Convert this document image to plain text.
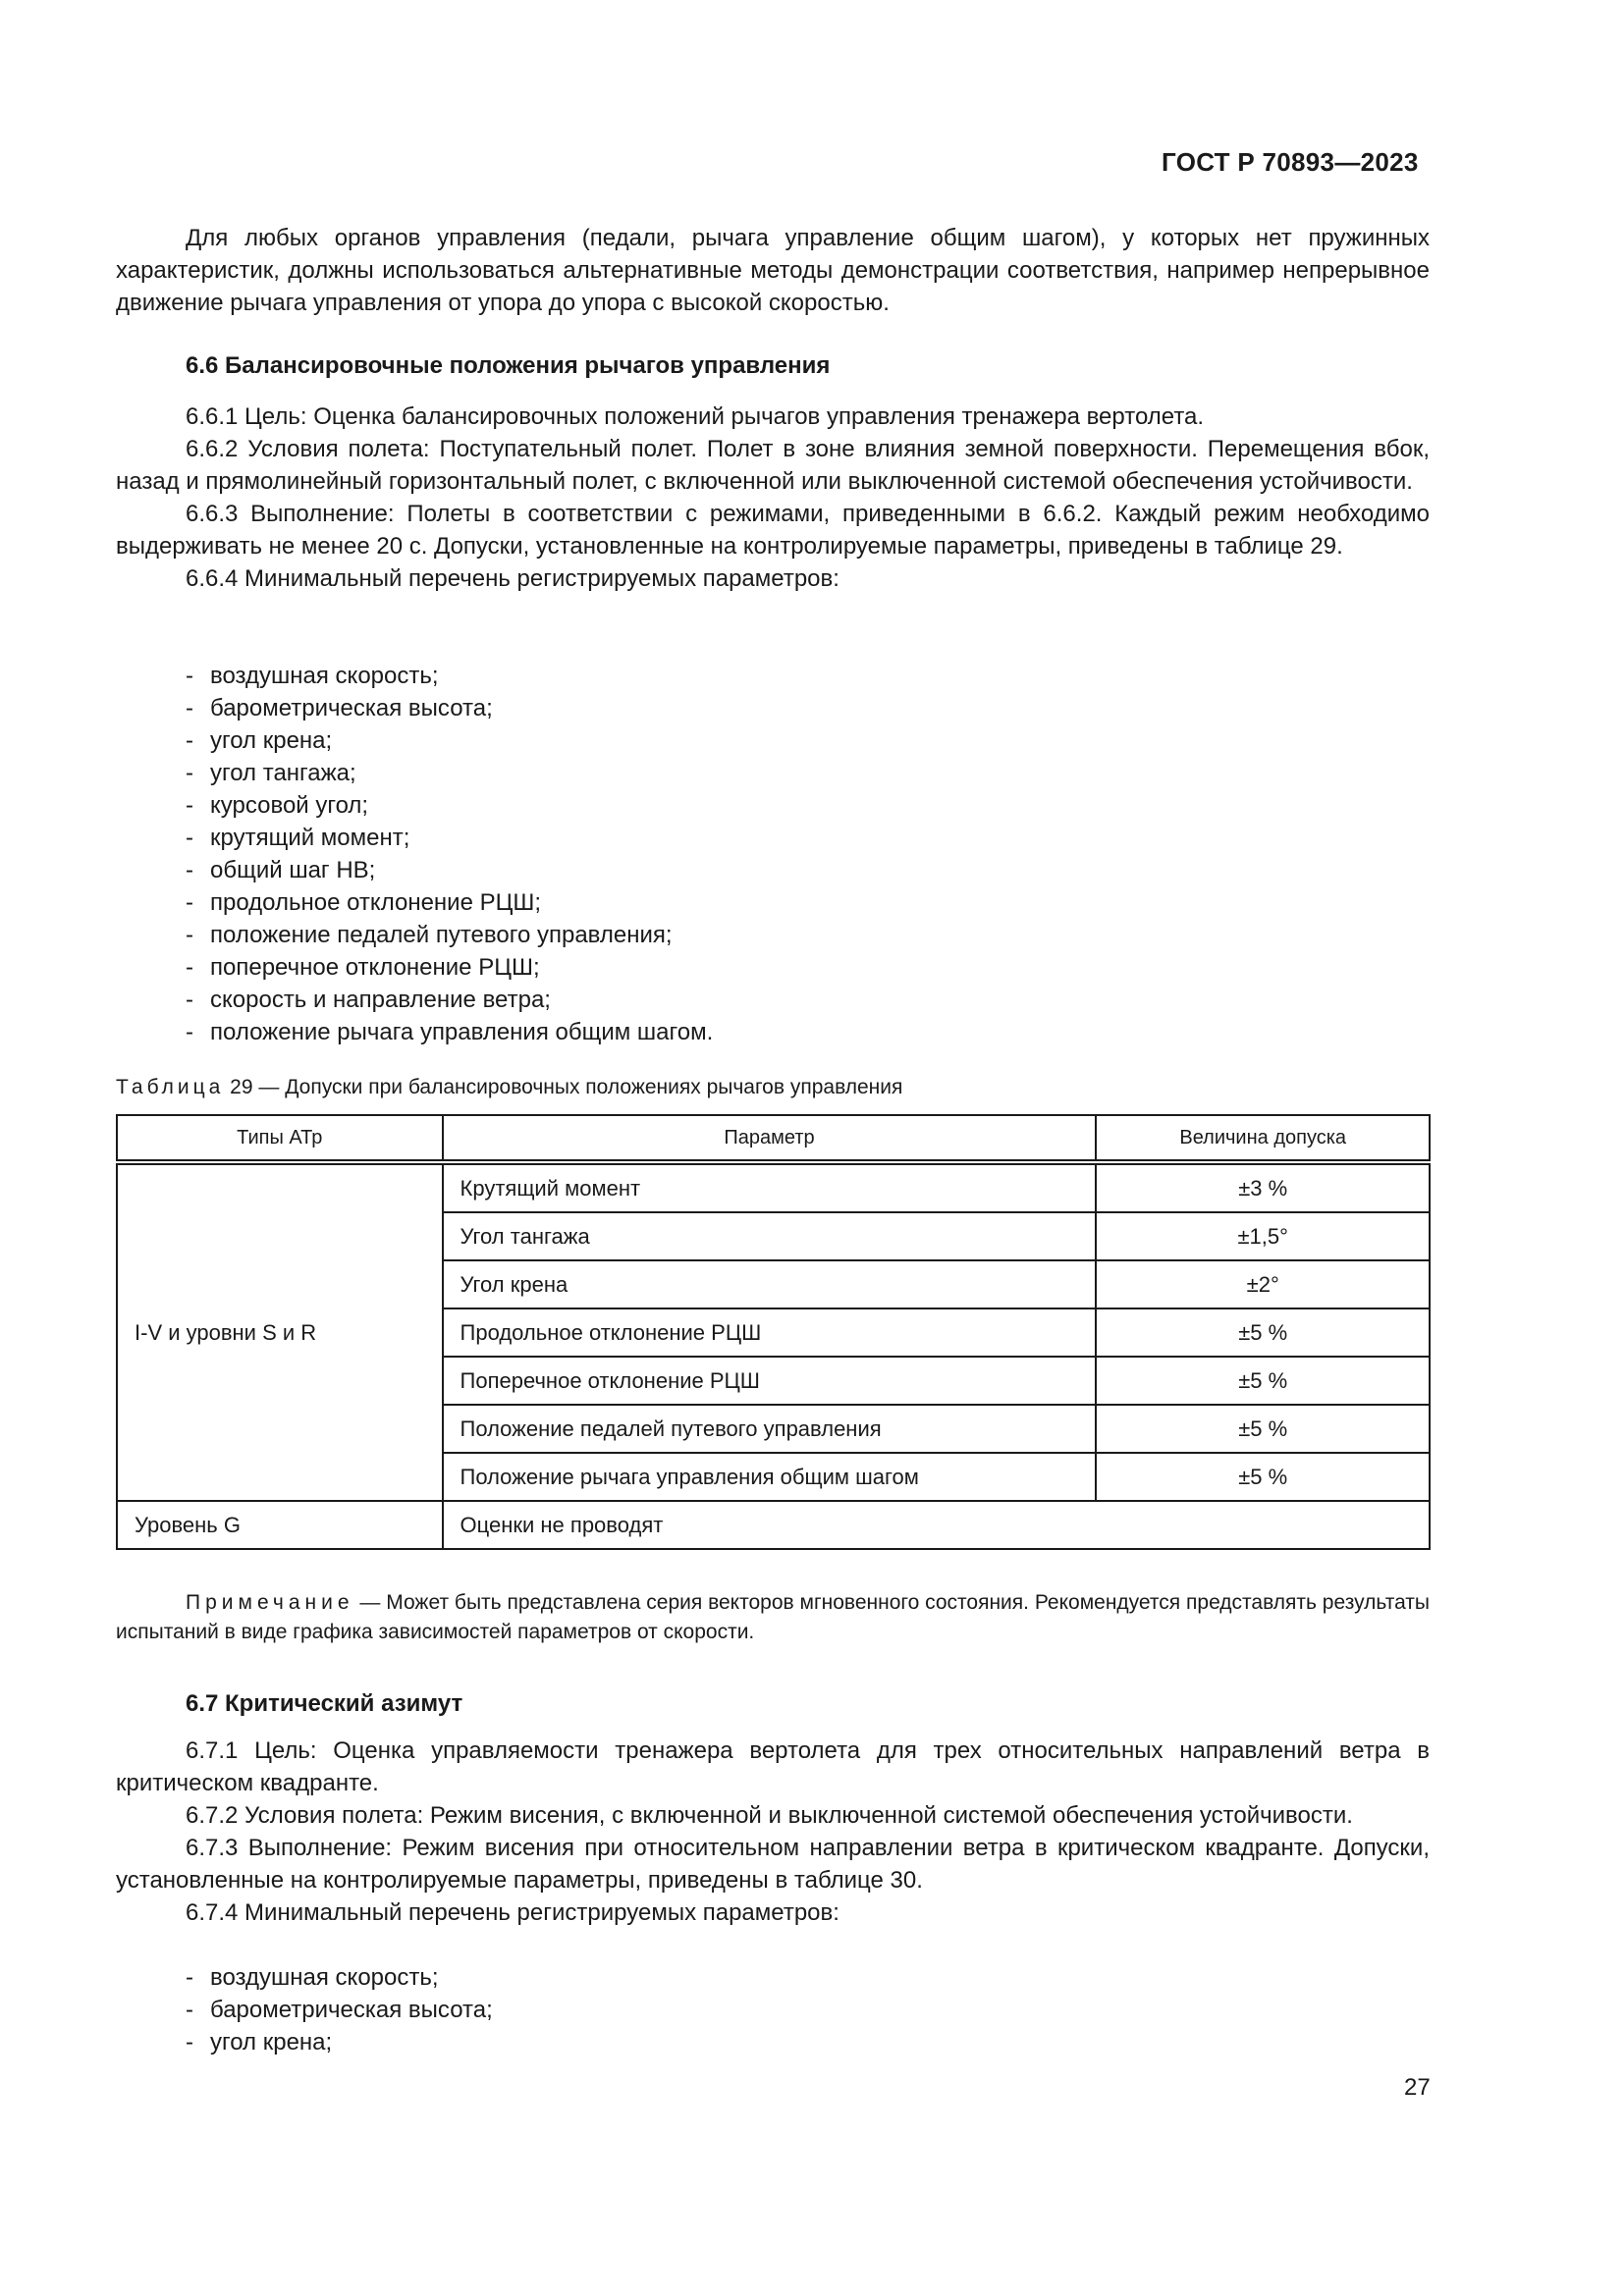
ГОСТ Р 70893—2023

Для любых органов управления (педали, рычага управление общим шагом), у которых нет пружинных характеристик, должны использоваться альтернативные методы демонстрации соответствия, например непрерывное движение рычага управления от упора до упора с высокой скоростью.

6.6 Балансировочные положения рычагов управления

6.6.1 Цель: Оценка балансировочных положений рычагов управления тренажера вертолета.

6.6.2 Условия полета: Поступательный полет. Полет в зоне влияния земной поверхности. Перемещения вбок, назад и прямолинейный горизонтальный полет, с включенной или выключенной системой обеспечения устойчивости.

6.6.3 Выполнение: Полеты в соответствии с режимами, приведенными в 6.6.2. Каждый режим необходимо выдерживать не менее 20 с. Допуски, установленные на контролируемые параметры, приведены в таблице 29.

6.6.4 Минимальный перечень регистрируемых параметров:

- воздушная скорость;
- барометрическая высота;
- угол крена;
- угол тангажа;
- курсовой угол;
- крутящий момент;
- общий шаг НВ;
- продольное отклонение РЦШ;
- положение педалей путевого управления;
- поперечное отклонение РЦШ;
- скорость и направление ветра;
- положение рычага управления общим шагом.
Таблица 29 — Допуски при балансировочных положениях рычагов управления
Типы АТр	Параметр	Величина допуска
I-V и уровни S и R	Крутящий момент	±3 %
	Угол тангажа	±1,5°
	Угол крена	±2°
	Продольное отклонение РЦШ	±5 %
	Поперечное отклонение РЦШ	±5 %
	Положение педалей путевого управления	±5 %
	Положение рычага управления общим шагом	±5 %
Уровень G	Оценки не проводят	

Примечание — Может быть представлена серия векторов мгновенного состояния. Рекомендуется представлять результаты испытаний в виде графика зависимостей параметров от скорости.

6.7 Критический азимут

6.7.1 Цель: Оценка управляемости тренажера вертолета для трех относительных направлений ветра в критическом квадранте.

6.7.2 Условия полета: Режим висения, с включенной и выключенной системой обеспечения устойчивости.

6.7.3 Выполнение: Режим висения при относительном направлении ветра в критическом квадранте. Допуски, установленные на контролируемые параметры, приведены в таблице 30.

6.7.4 Минимальный перечень регистрируемых параметров:

- воздушная скорость;
- барометрическая высота;
- угол крена;
27
